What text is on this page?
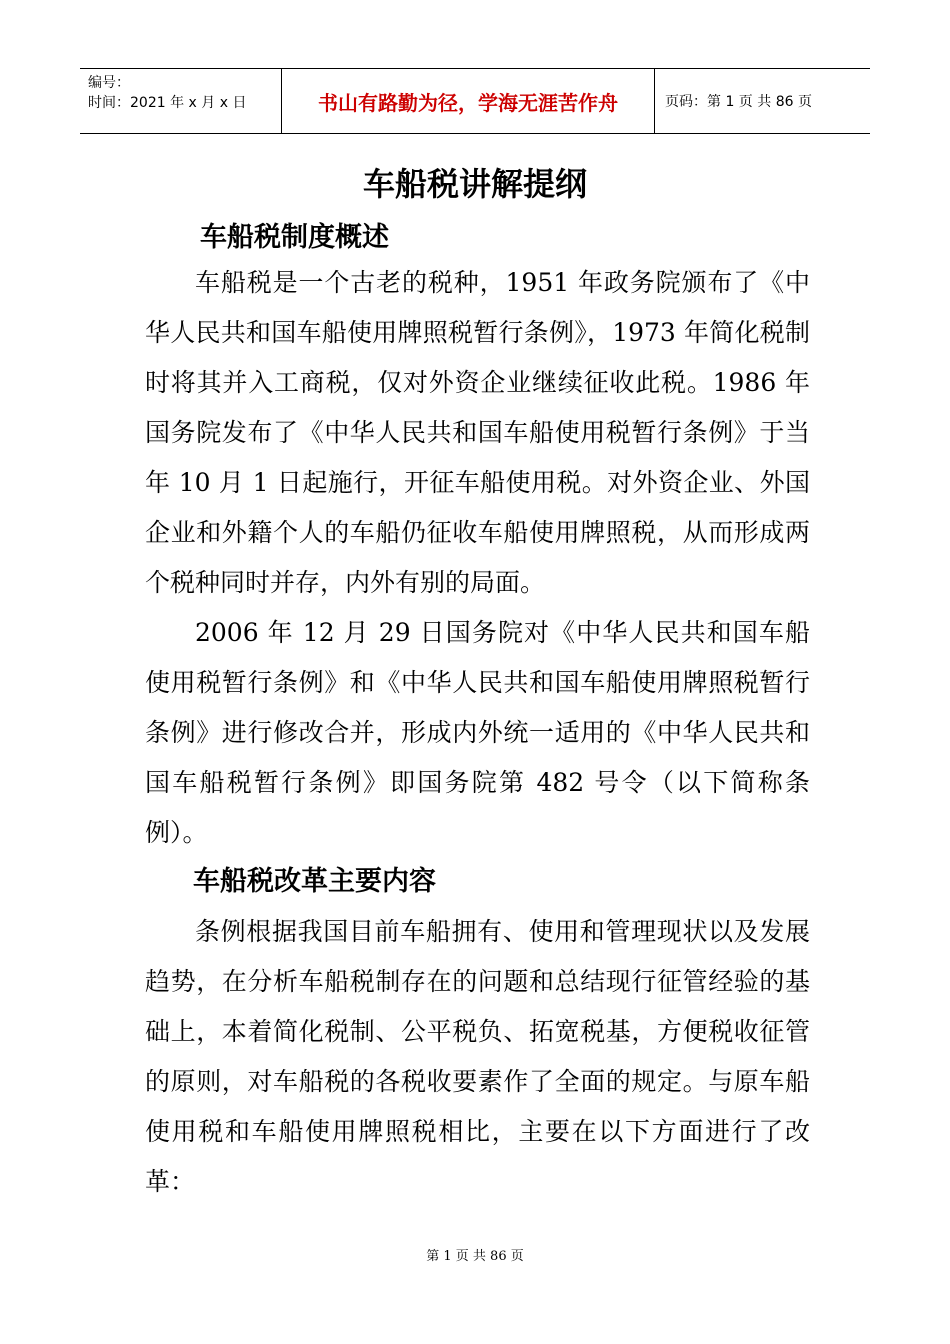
编号：
时间：2021 年 x 月 x 日	书山有路勤为径，学海无涯苦作舟	页码：第 1 页 共 86 页
车船税讲解提纲
车船税制度概述

车船税是一个古老的税种，1951 年政务院颁布了《中华人民共和国车船使用牌照税暂行条例》，1973 年简化税制时将其并入工商税，仅对外资企业继续征收此税。1986 年国务院发布了《中华人民共和国车船使用税暂行条例》于当年 10 月 1 日起施行，开征车船使用税。对外资企业、外国企业和外籍个人的车船仍征收车船使用牌照税，从而形成两个税种同时并存，内外有别的局面。

2006 年 12 月 29 日国务院对《中华人民共和国车船使用税暂行条例》和《中华人民共和国车船使用牌照税暂行条例》进行修改合并，形成内外统一适用的《中华人民共和国车船税暂行条例》即国务院第 482 号令（以下简称条例）。

车船税改革主要内容

条例根据我国目前车船拥有、使用和管理现状以及发展趋势，在分析车船税制存在的问题和总结现行征管经验的基础上，本着简化税制、公平税负、拓宽税基，方便税收征管的原则，对车船税的各税收要素作了全面的规定。与原车船使用税和车船使用牌照税相比，主要在以下方面进行了改革：

第 1 页 共 86 页
